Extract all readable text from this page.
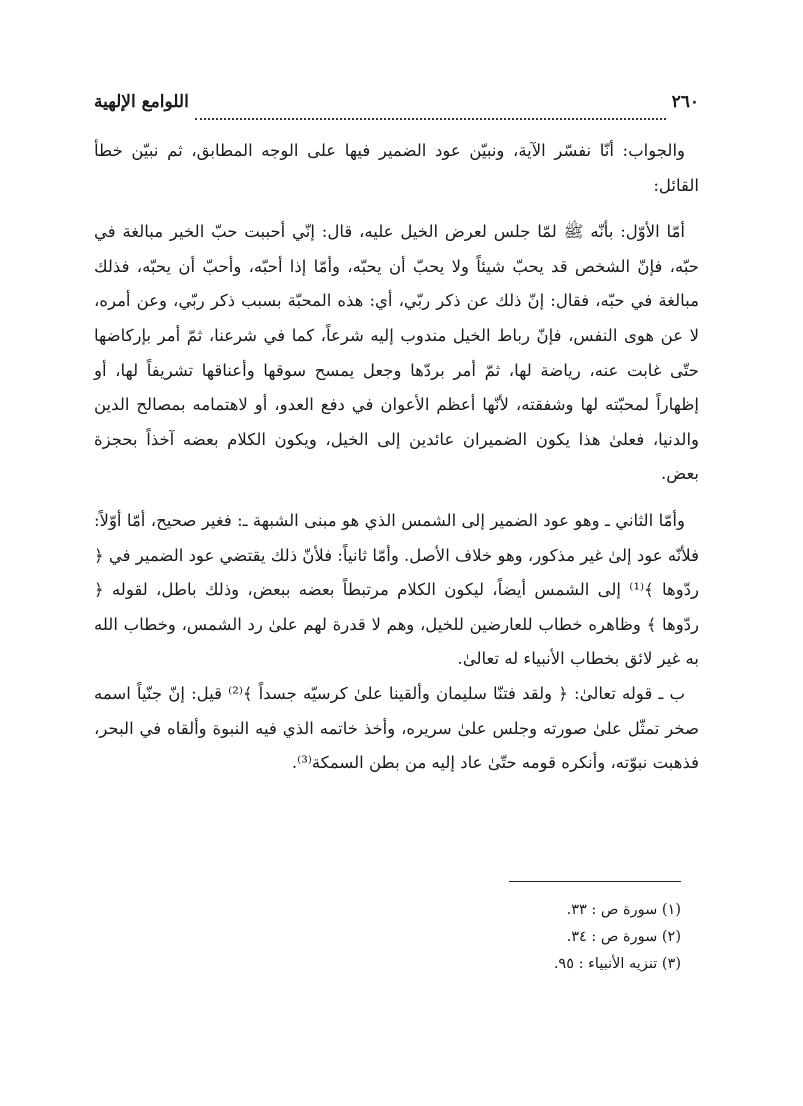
٢٦٠
اللوامع الإلهية

والجواب: أنّا نفسّر الآية، ونبيّن عود الضمير فيها على الوجه المطابق، ثم نبيّن خطأ القائل:

أمّا الأوّل: بأنّه ﷺ لمّا جلس لعرض الخيل عليه، قال: إنّي أحببت حبّ الخير مبالغة في حبّه، فإنّ الشخص قد يحبّ شيئاً ولا يحبّ أن يحبّه، وأمّا إذا أحبّه، وأحبّ أن يحبّه، فذلك مبالغة في حبّه، فقال: إنّ ذلك عن ذكر ربّي، أي: هذه المحبّة بسبب ذكر ربّي، وعن أمره، لا عن هوى النفس، فإنّ رباط الخيل مندوب إليه شرعاً، كما في شرعنا، ثمّ أمر بإركاضها حتّى غابت عنه، رياضة لها، ثمّ أمر بردّها وجعل يمسح سوقها وأعناقها تشريفاً لها، أو إظهاراً لمحبّته لها وشفقته، لأنّها أعظم الأعوان في دفع العدو، أو لاهتمامه بمصالح الدين والدنيا، فعلىٰ هذا يكون الضميران عائدين إلى الخيل، ويكون الكلام بعضه آخذاً بحجزة بعض.

وأمّا الثاني ـ وهو عود الضمير إلى الشمس الذي هو مبنى الشبهة ـ: فغير صحيح، أمّا أوّلاً: فلأنّه عود إلىٰ غير مذكور، وهو خلاف الأصل. وأمّا ثانياً: فلأنّ ذلك يقتضي عود الضمير في ﴿ ردّوها ﴾⁽¹⁾ إلى الشمس أيضاً، ليكون الكلام مرتبطاً بعضه ببعض، وذلك باطل، لقوله ﴿ ردّوها ﴾ وظاهره خطاب للعارضين للخيل، وهم لا قدرة لهم علىٰ رد الشمس، وخطاب الله به غير لائق بخطاب الأنبياء له تعالىٰ.

ب ـ قوله تعالىٰ: ﴿ ولقد فتنّا سليمان وألقينا علىٰ كرسيّه جسداً ﴾⁽²⁾ قيل: إنّ جنّياً اسمه صخر تمثّل علىٰ صورته وجلس علىٰ سريره، وأخذ خاتمه الذي فيه النبوة وألقاه في البحر، فذهبت نبوّته، وأنكره قومه حتّىٰ عاد إليه من بطن السمكة⁽³⁾.

(١) سورة ص : ٣٣.
(٢) سورة ص : ٣٤.
(٣) تنزيه الأنبياء : ٩٥.
